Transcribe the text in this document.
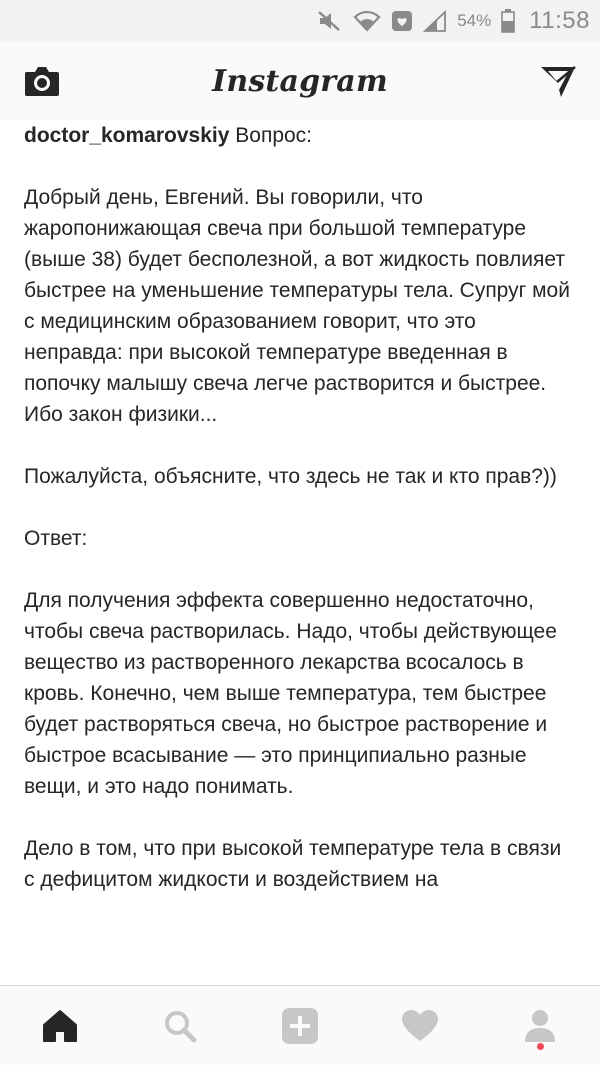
54% 11:58
Instagram

doctor_komarovskiy Вопрос:

Добрый день, Евгений. Вы говорили, что жаропонижающая свеча при большой температуре (выше 38) будет бесполезной, а вот жидкость повлияет быстрее на уменьшение температуры тела. Супруг мой с медицинским образованием говорит, что это неправда: при высокой температуре введенная в попочку малышу свеча легче растворится и быстрее. Ибо закон физики...

Пожалуйста, объясните, что здесь не так и кто прав?))

Ответ:

Для получения эффекта совершенно недостаточно, чтобы свеча растворилась. Надо, чтобы действующее вещество из растворенного лекарства всосалось в кровь. Конечно, чем выше температура, тем быстрее будет растворяться свеча, но быстрое растворение и быстрое всасывание — это принципиально разные вещи, и это надо понимать.

Дело в том, что при высокой температуре тела в связи с дефицитом жидкости и воздействием на
